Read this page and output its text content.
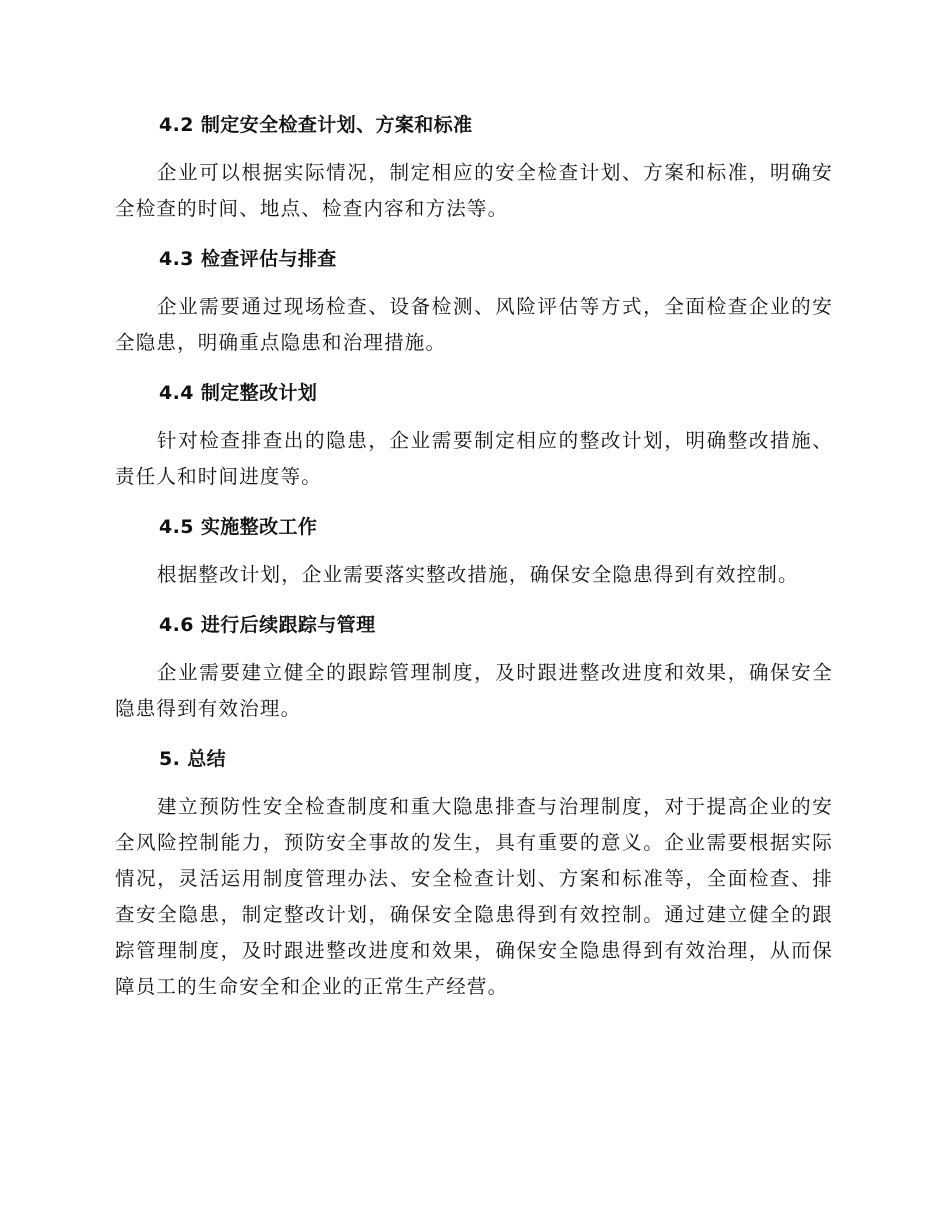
4.2 制定安全检查计划、方案和标准

企业可以根据实际情况，制定相应的安全检查计划、方案和标准，明确安全检查的时间、地点、检查内容和方法等。

4.3 检查评估与排查

企业需要通过现场检查、设备检测、风险评估等方式，全面检查企业的安全隐患，明确重点隐患和治理措施。

4.4 制定整改计划

针对检查排查出的隐患，企业需要制定相应的整改计划，明确整改措施、责任人和时间进度等。

4.5 实施整改工作

根据整改计划，企业需要落实整改措施，确保安全隐患得到有效控制。

4.6 进行后续跟踪与管理

企业需要建立健全的跟踪管理制度，及时跟进整改进度和效果，确保安全隐患得到有效治理。

5. 总结

建立预防性安全检查制度和重大隐患排查与治理制度，对于提高企业的安全风险控制能力，预防安全事故的发生，具有重要的意义。企业需要根据实际情况，灵活运用制度管理办法、安全检查计划、方案和标准等，全面检查、排查安全隐患，制定整改计划，确保安全隐患得到有效控制。通过建立健全的跟踪管理制度，及时跟进整改进度和效果，确保安全隐患得到有效治理，从而保障员工的生命安全和企业的正常生产经营。
